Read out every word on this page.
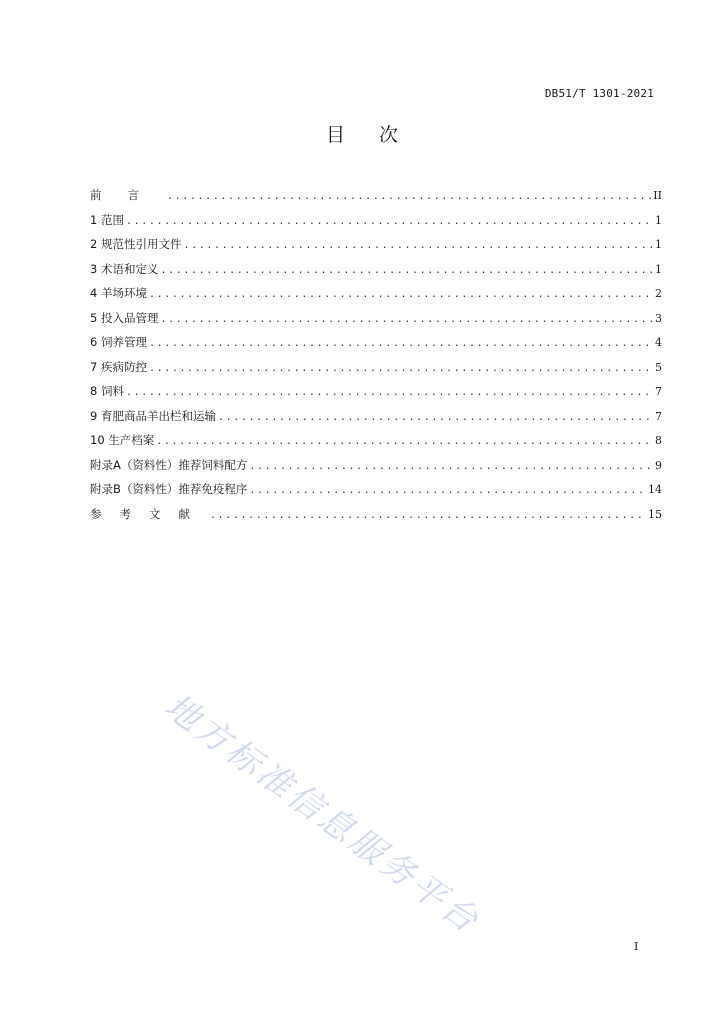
DB51/T 1301-2021
目次
前言 .....	II
1 范围 .....	1
2 规范性引用文件 .....	1
3 术语和定义 .....	1
4 羊场环境 .....	2
5 投入品管理 .....	3
6 饲养管理 .....	4
7 疾病防控 .....	5
8 饲料 .....	7
9 育肥商品羊出栏和运输 .....	7
10 生产档案 .....	8
附录A（资料性）推荐饲料配方 .....	9
附录B（资料性）推荐免疫程序 .....	14
参考文献 .....	15
地方标准信息服务平台
I
